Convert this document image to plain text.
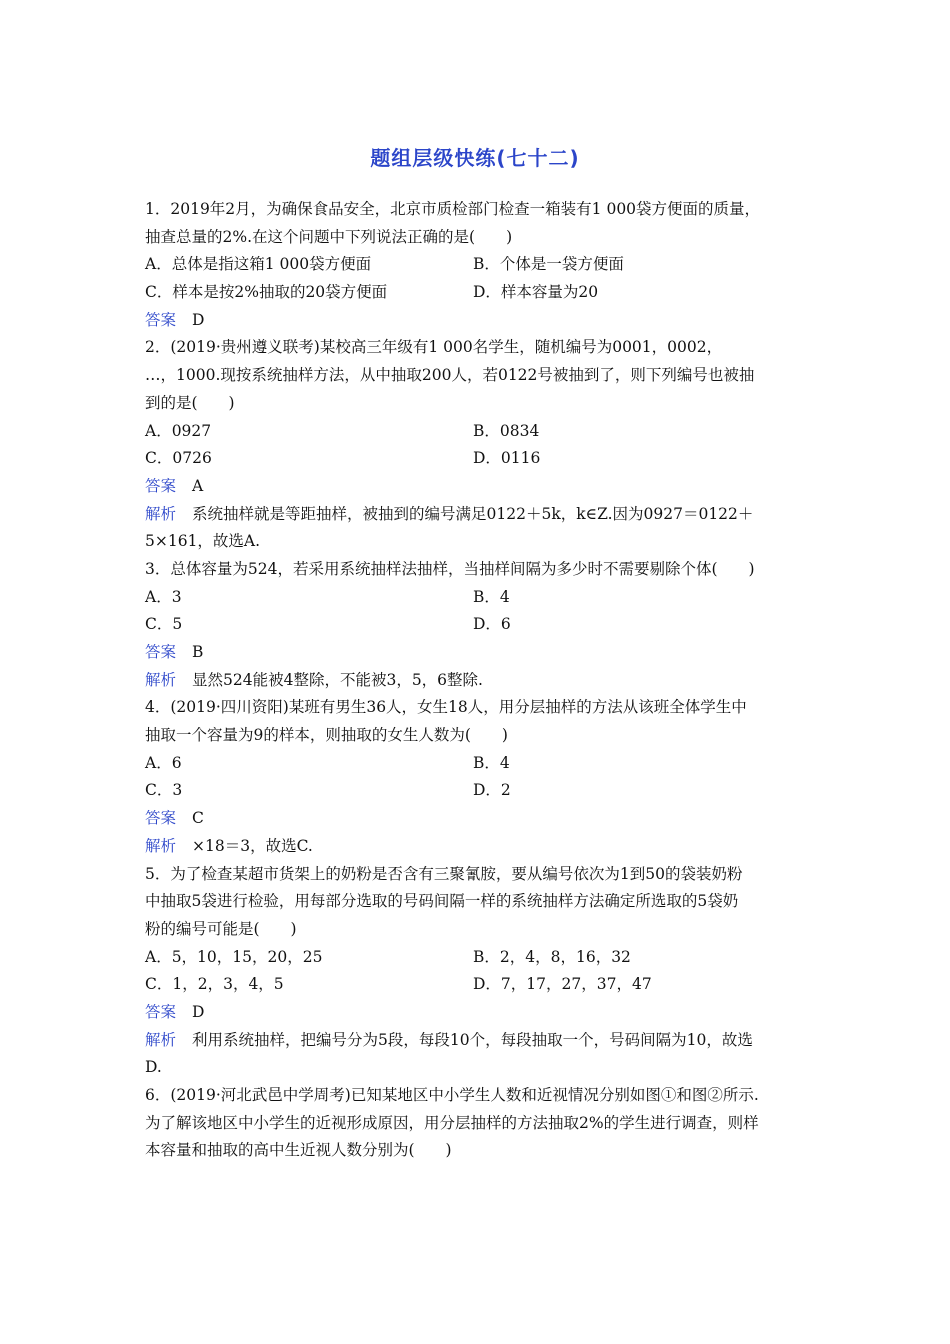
题组层级快练(七十二)
1．2019年2月，为确保食品安全，北京市质检部门检查一箱装有1 000袋方便面的质量，
抽查总量的2%.在这个问题中下列说法正确的是(　　)
A．总体是指这箱1 000袋方便面	B．个体是一袋方便面
C．样本是按2%抽取的20袋方便面	D．样本容量为20
答案 D
2．(2019·贵州遵义联考)某校高三年级有1 000名学生，随机编号为0001，0002，
…，1000.现按系统抽样方法，从中抽取200人，若0122号被抽到了，则下列编号也被抽
到的是(　　)
A．0927	B．0834
C．0726	D．0116
答案 A
解析 系统抽样就是等距抽样，被抽到的编号满足0122＋5k，k∈Z.因为0927＝0122＋
5×161，故选A.
3．总体容量为524，若采用系统抽样法抽样，当抽样间隔为多少时不需要剔除个体(　　)
A．3	B．4
C．5	D．6
答案 B
解析 显然524能被4整除，不能被3，5，6整除.
4．(2019·四川资阳)某班有男生36人，女生18人，用分层抽样的方法从该班全体学生中
抽取一个容量为9的样本，则抽取的女生人数为(　　)
A．6	B．4
C．3	D．2
答案 C
解析 ×18＝3，故选C.
5．为了检查某超市货架上的奶粉是否含有三聚氰胺，要从编号依次为1到50的袋装奶粉
中抽取5袋进行检验，用每部分选取的号码间隔一样的系统抽样方法确定所选取的5袋奶
粉的编号可能是(　　)
A．5，10，15，20，25	B．2，4，8，16，32
C．1，2，3，4，5	D．7，17，27，37，47
答案 D
解析 利用系统抽样，把编号分为5段，每段10个，每段抽取一个，号码间隔为10，故选
D.
6．(2019·河北武邑中学周考)已知某地区中小学生人数和近视情况分别如图①和图②所示.
为了解该地区中小学生的近视形成原因，用分层抽样的方法抽取2%的学生进行调查，则样
本容量和抽取的高中生近视人数分别为(　　)
